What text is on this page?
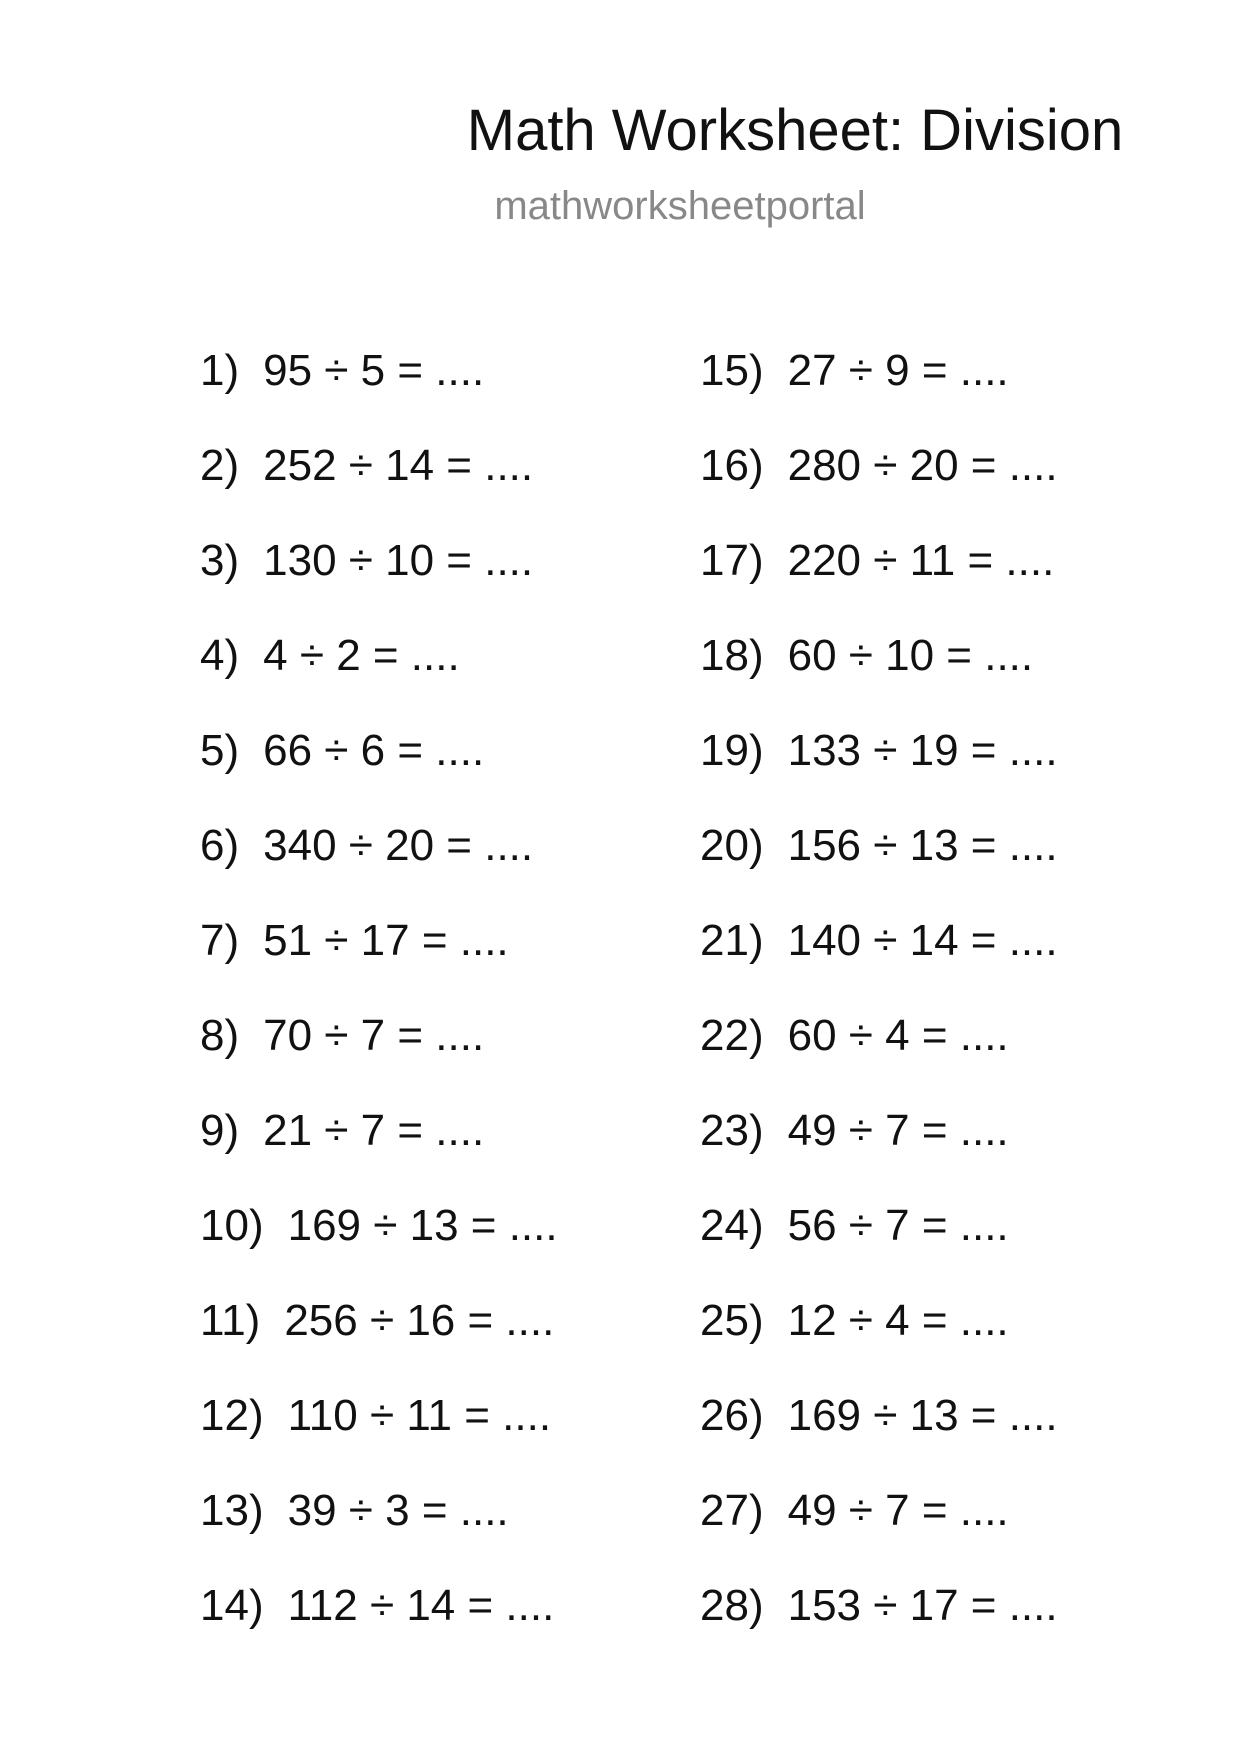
Math Worksheet: Division
mathworksheetportal
1) 95 ÷ 5 = ....
2) 252 ÷ 14 = ....
3) 130 ÷ 10 = ....
4) 4 ÷ 2 = ....
5) 66 ÷ 6 = ....
6) 340 ÷ 20 = ....
7) 51 ÷ 17 = ....
8) 70 ÷ 7 = ....
9) 21 ÷ 7 = ....
10) 169 ÷ 13 = ....
11) 256 ÷ 16 = ....
12) 110 ÷ 11 = ....
13) 39 ÷ 3 = ....
14) 112 ÷ 14 = ....
15) 27 ÷ 9 = ....
16) 280 ÷ 20 = ....
17) 220 ÷ 11 = ....
18) 60 ÷ 10 = ....
19) 133 ÷ 19 = ....
20) 156 ÷ 13 = ....
21) 140 ÷ 14 = ....
22) 60 ÷ 4 = ....
23) 49 ÷ 7 = ....
24) 56 ÷ 7 = ....
25) 12 ÷ 4 = ....
26) 169 ÷ 13 = ....
27) 49 ÷ 7 = ....
28) 153 ÷ 17 = ....
